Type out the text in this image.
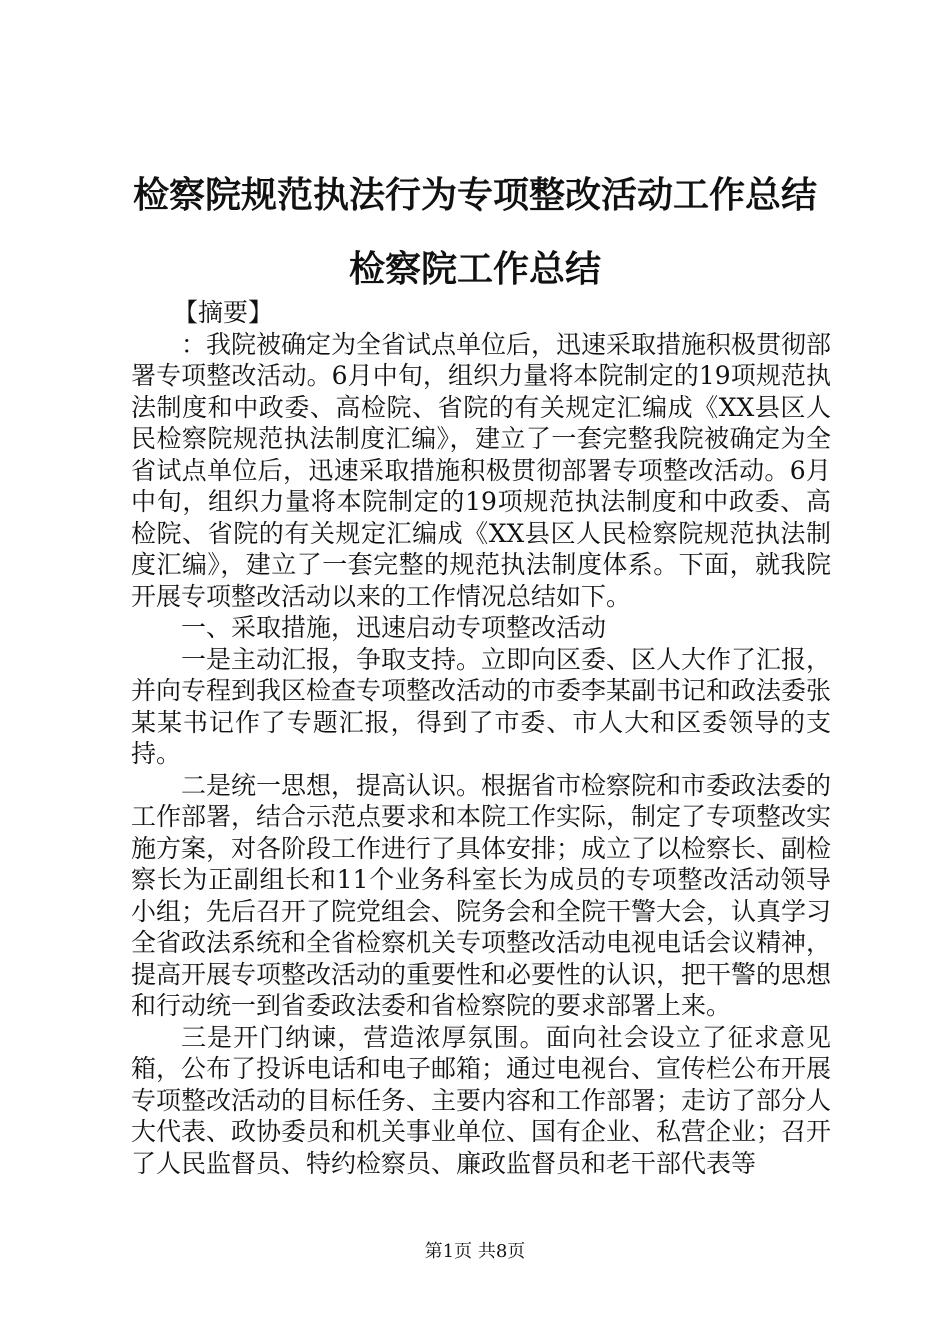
检察院规范执法行为专项整改活动工作总结检察院工作总结

【摘要】

：我院被确定为全省试点单位后，迅速采取措施积极贯彻部署专项整改活动。6月中旬，组织力量将本院制定的19项规范执法制度和中政委、高检院、省院的有关规定汇编成《XX县区人民检察院规范执法制度汇编》，建立了一套完整我院被确定为全省试点单位后，迅速采取措施积极贯彻部署专项整改活动。6月中旬，组织力量将本院制定的19项规范执法制度和中政委、高检院、省院的有关规定汇编成《XX县区人民检察院规范执法制度汇编》，建立了一套完整的规范执法制度体系。下面，就我院开展专项整改活动以来的工作情况总结如下。

一、采取措施，迅速启动专项整改活动

一是主动汇报，争取支持。立即向区委、区人大作了汇报，并向专程到我区检查专项整改活动的市委李某副书记和政法委张某某书记作了专题汇报，得到了市委、市人大和区委领导的支持。

二是统一思想，提高认识。根据省市检察院和市委政法委的工作部署，结合示范点要求和本院工作实际，制定了专项整改实施方案，对各阶段工作进行了具体安排；成立了以检察长、副检察长为正副组长和11个业务科室长为成员的专项整改活动领导小组；先后召开了院党组会、院务会和全院干警大会，认真学习全省政法系统和全省检察机关专项整改活动电视电话会议精神，提高开展专项整改活动的重要性和必要性的认识，把干警的思想和行动统一到省委政法委和省检察院的要求部署上来。

三是开门纳谏，营造浓厚氛围。面向社会设立了征求意见箱，公布了投诉电话和电子邮箱；通过电视台、宣传栏公布开展专项整改活动的目标任务、主要内容和工作部署；走访了部分人大代表、政协委员和机关事业单位、国有企业、私营企业；召开了人民监督员、特约检察员、廉政监督员和老干部代表等

第1页 共8页
